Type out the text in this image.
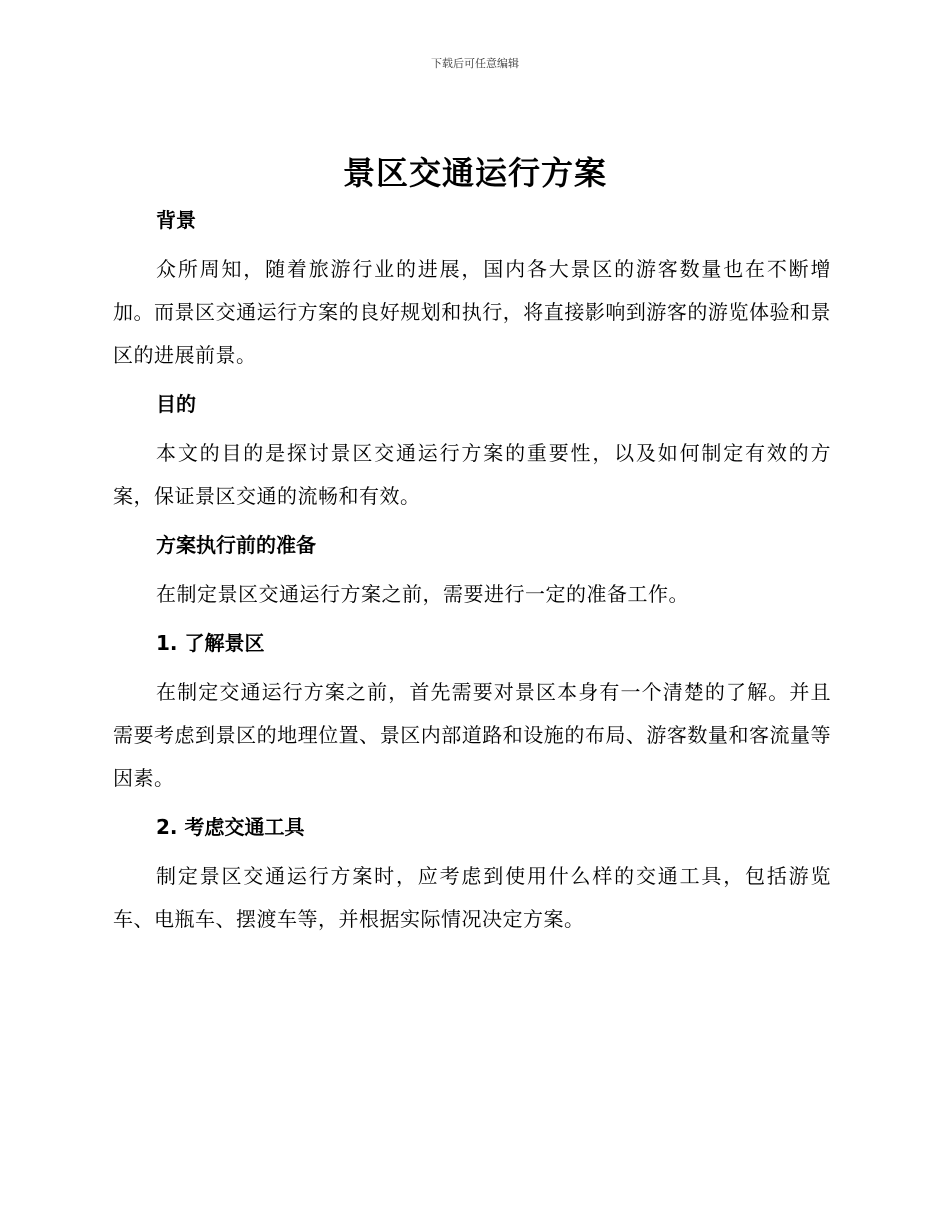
下载后可任意编辑
景区交通运行方案
背景

众所周知，随着旅游行业的进展，国内各大景区的游客数量也在不断增加。而景区交通运行方案的良好规划和执行，将直接影响到游客的游览体验和景区的进展前景。

目的

本文的目的是探讨景区交通运行方案的重要性，以及如何制定有效的方案，保证景区交通的流畅和有效。

方案执行前的准备

在制定景区交通运行方案之前，需要进行一定的准备工作。

1. 了解景区

在制定交通运行方案之前，首先需要对景区本身有一个清楚的了解。并且需要考虑到景区的地理位置、景区内部道路和设施的布局、游客数量和客流量等因素。

2. 考虑交通工具

制定景区交通运行方案时，应考虑到使用什么样的交通工具，包括游览车、电瓶车、摆渡车等，并根据实际情况决定方案。
